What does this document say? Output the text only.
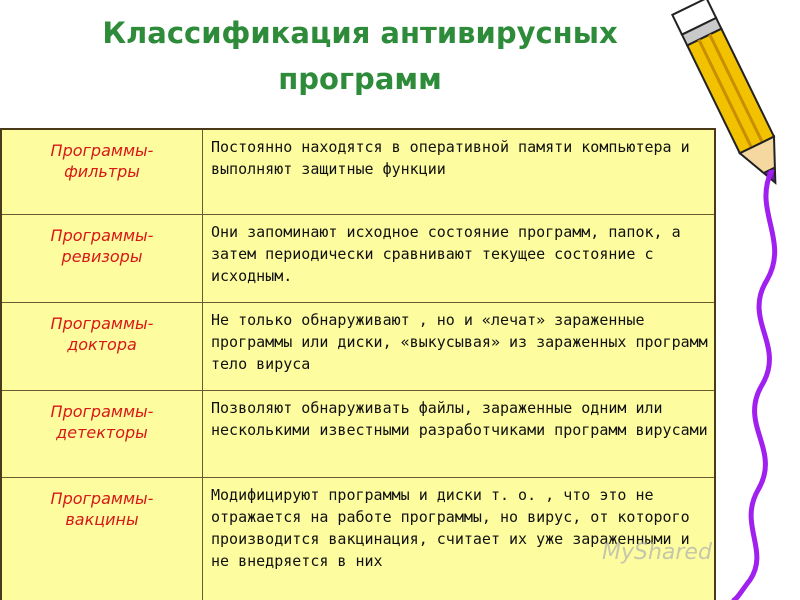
Классификация антивирусных
программ
Программы-
фильтры	Постоянно находятся в оперативной памяти компьютера и выполняют защитные функции

Программы-
ревизоры	Они запоминают исходное состояние программ, папок, а затем периодически сравнивают текущее состояние с исходным.

Программы-
доктора	Не только обнаруживают , но и «лечат» зараженные программы или диски, «выкусывая» из зараженных программ тело вируса

Программы-
детекторы	Позволяют обнаруживать файлы, зараженные одним или несколькими известными разработчиками программ вирусами

Программы-
вакцины	Модифицируют программы и диски т. о. , что это не отражается на работе программы, но вирус, от которого производится вакцинация, считает их уже зараженными и не внедряется в них	MyShared
